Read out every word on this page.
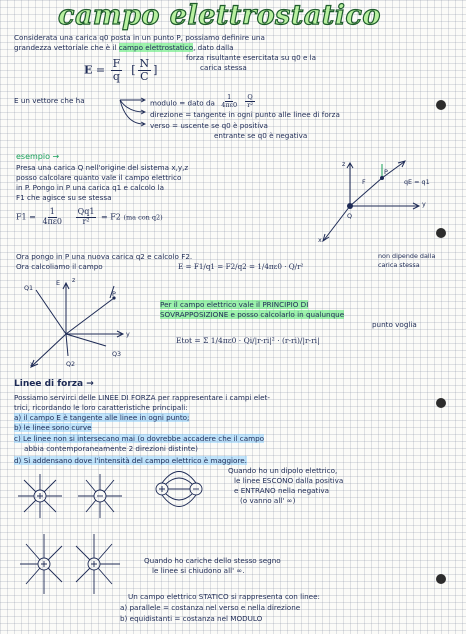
campo elettrostatico
Considerata una carica q0 posta in un punto P, possiamo definire una
grandezza vettoriale che è il campo elettrostatico, dato dalla
forza risultante esercitata su q0 e la
carica stessa
$E = \frac{F}{q}$ [ $\frac{N}{C}$ ]
E un vettore che ha	modulo = dato da $\frac{1}{4\pi\varepsilon 0}$
$\frac{Q}{\text{r²}}$
direzione = tangente in ogni punto alle linee di forza
verso = uscente se q0 è positiva
entrante se q0 è negativa
esempio →
Presa una carica Q nell'origine del sistema x,y,z
posso calcolare quanto vale il campo elettrico
in P. Pongo in P una carica q1 e calcolo la
F1 che agisce su se stessa
$F1 = \frac{1}{4\pi\varepsilon 0}$
$\frac{Qq1}{\text{r²}} = F2$ (ma con q2)
Ora pongo in P una nuova carica q2 e calcolo F2.
Ora calcoliamo il campo	E = F1/q1 = F2/q2 = 1/4πε0 · Q/r²
non dipende dalla carica stessa
Q
P
F	qE = q1
y
x
z
Q1
E
P
Q2
Q3
y
x
z
Per il campo elettrico vale il PRINCIPIO DI
SOVRAPPOSIZIONE e posso calcolarlo in qualunque
punto voglia
Etot = Σ 1/4πε0 · Qi/|r-ri|² · (r-ri)/|r-ri|
Linee di forza →
Possiamo servirci delle LINEE DI FORZA per rappresentare i campi elet-
trici, ricordando le loro caratteristiche principali:
a) il campo E è tangente alle linee in ogni punto;
b) le linee sono curve
c) Le linee non si intersecano mai (o dovrebbe accadere che il campo
abbia contemporaneamente 2 direzioni distinte)
d) Si addensano dove l'intensità del campo elettrico è maggiore.
Quando ho un dipolo elettrico,
le linee ESCONO dalla positiva
e ENTRANO nella negativa
(o vanno all' ∞)
Quando ho cariche dello stesso segno
le linee si chiudono all' ∞.
Un campo elettrico STATICO si rappresenta con linee:
a) parallele = costanza nel verso e nella direzione
b) equidistanti = costanza nel MODULO
